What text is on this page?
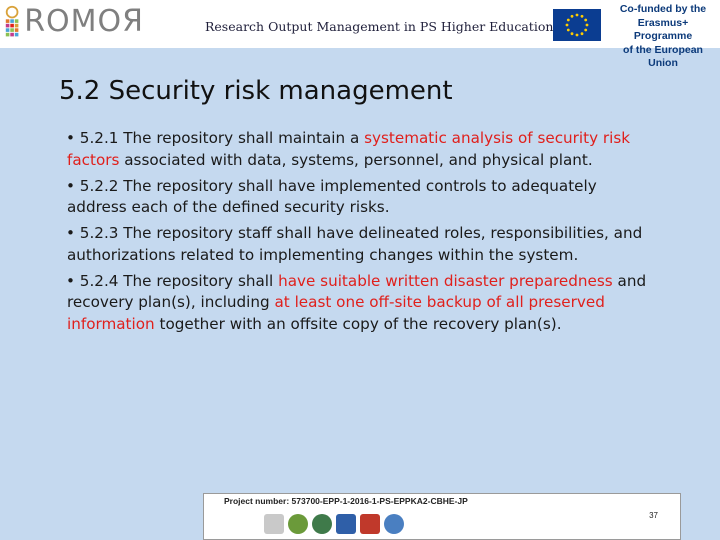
ROMOЯ	Research Output Management in PS Higher Education
Co-funded by the
Erasmus+ Programme
of the European Union
5.2 Security risk management

• 5.2.1 The repository shall maintain a systematic analysis of security risk factors associated with data, systems, personnel, and physical plant.

• 5.2.2 The repository shall have implemented controls to adequately address each of the defined security risks.

• 5.2.3 The repository staff shall have delineated roles, responsibilities, and authorizations related to implementing changes within the system.

• 5.2.4 The repository shall have suitable written disaster preparedness and recovery plan(s), including at least one off-site backup of all preserved information together with an offsite copy of the recovery plan(s).

Project number: 573700-EPP-1-2016-1-PS-EPPKA2-CBHE-JP
37
